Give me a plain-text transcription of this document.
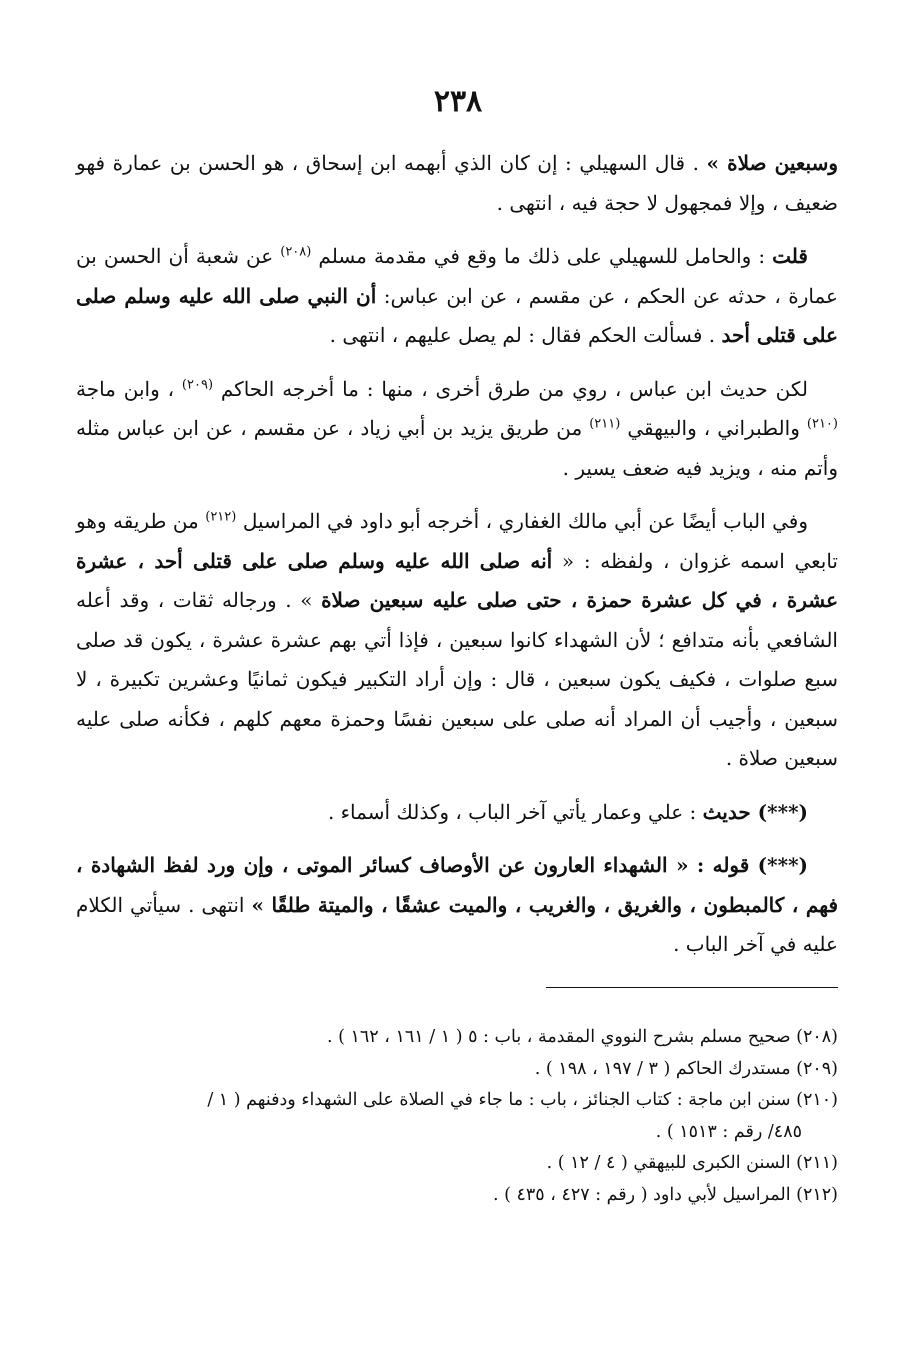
٢٣٨

وسبعين صلاة » . قال السهيلي : إن كان الذي أبهمه ابن إسحاق ، هو الحسن بن عمارة فهو ضعيف ، وإلا فمجهول لا حجة فيه ، انتهى .

قلت : والحامل للسهيلي على ذلك ما وقع في مقدمة مسلم $^{(٢٠٨)}$ عن شعبة أن الحسن بن عمارة ، حدثه عن الحكم ، عن مقسم ، عن ابن عباس: أن النبي صلى الله عليه وسلم صلى على قتلى أحد . فسألت الحكم فقال : لم يصل عليهم ، انتهى .

لكن حديث ابن عباس ، روي من طرق أخرى ، منها : ما أخرجه الحاكم $^{(٢٠٩)}$ ، وابن ماجة $^{(٢١٠)}$ والطبراني ، والبيهقي $^{(٢١١)}$ من طريق يزيد بن أبي زياد ، عن مقسم ، عن ابن عباس مثله وأتم منه ، ويزيد فيه ضعف يسير .

وفي الباب أيضًا عن أبي مالك الغفاري ، أخرجه أبو داود في المراسيل $^{(٢١٢)}$ من طريقه وهو تابعي اسمه غزوان ، ولفظه : « أنه صلى الله عليه وسلم صلى على قتلى أحد ، عشرة عشرة ، في كل عشرة حمزة ، حتى صلى عليه سبعين صلاة » . ورجاله ثقات ، وقد أعله الشافعي بأنه متدافع ؛ لأن الشهداء كانوا سبعين ، فإذا أتي بهم عشرة عشرة ، يكون قد صلى سبع صلوات ، فكيف يكون سبعين ، قال : وإن أراد التكبير فيكون ثمانيًا وعشرين تكبيرة ، لا سبعين ، وأجيب أن المراد أنه صلى على سبعين نفسًا وحمزة معهم كلهم ، فكأنه صلى عليه سبعين صلاة .

(***) حديث : علي وعمار يأتي آخر الباب ، وكذلك أسماء .

(***) قوله : « الشهداء العارون عن الأوصاف كسائر الموتى ، وإن ورد لفظ الشهادة ، فهم ، كالمبطون ، والغريق ، والغريب ، والميت عشقًا ، والميتة طلقًا » انتهى . سيأتي الكلام عليه في آخر الباب .

(٢٠٨) صحيح مسلم بشرح النووي المقدمة ، باب : ٥ ( ١ / ١٦١ ، ١٦٢ ) .

(٢٠٩) مستدرك الحاكم ( ٣ / ١٩٧ ، ١٩٨ ) .

(٢١٠) سنن ابن ماجة : كتاب الجنائز ، باب : ما جاء في الصلاة على الشهداء ودفنهم ( ١ /
٤٨٥/ رقم : ١٥١٣ ) .

(٢١١) السنن الكبرى للبيهقي ( ٤ / ١٢ ) .

(٢١٢) المراسيل لأبي داود ( رقم : ٤٢٧ ، ٤٣٥ ) .
